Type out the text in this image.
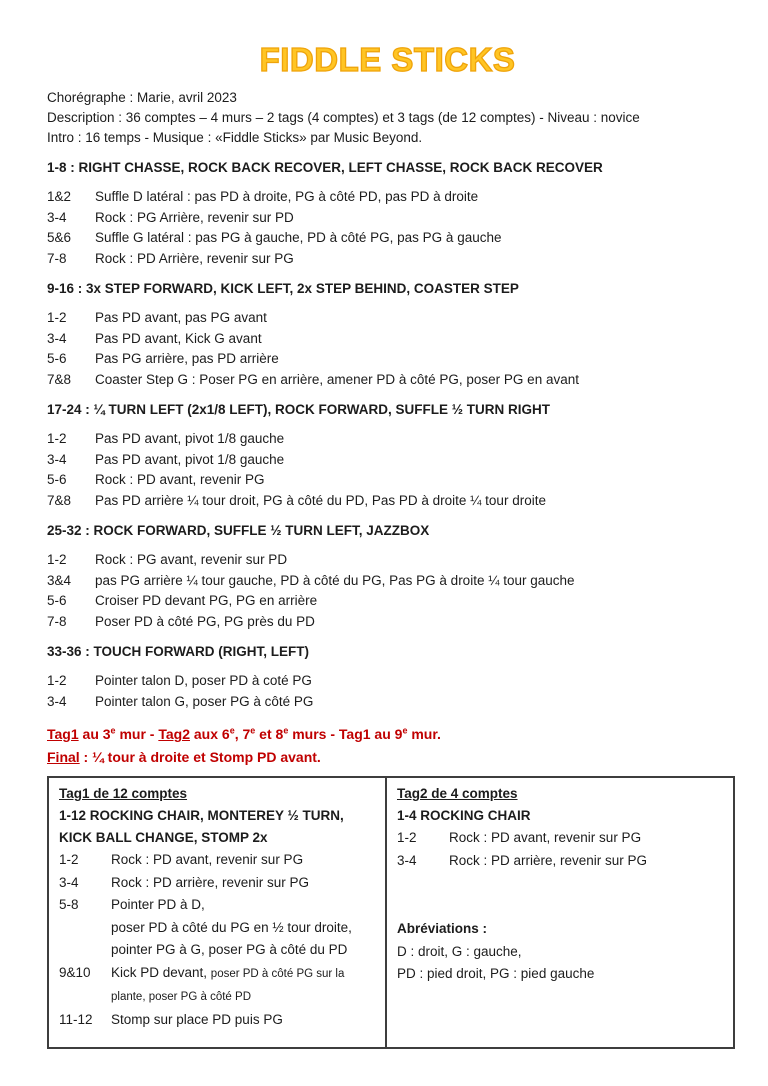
FIDDLE STICKS
Chorégraphe : Marie, avril 2023
Description : 36 comptes – 4 murs – 2 tags (4 comptes) et 3 tags (de 12 comptes) - Niveau : novice
Intro : 16 temps - Musique : «Fiddle Sticks» par Music Beyond.
1-8 : RIGHT CHASSE, ROCK BACK RECOVER, LEFT CHASSE, ROCK BACK RECOVER
1&2	Suffle D latéral : pas PD à droite, PG à côté PD, pas PD à droite
3-4	Rock : PG Arrière, revenir sur PD
5&6	Suffle G latéral : pas PG à gauche, PD à côté PG, pas PG à gauche
7-8	Rock : PD Arrière, revenir sur PG
9-16 : 3x STEP FORWARD, KICK LEFT, 2x STEP BEHIND, COASTER STEP
1-2	Pas PD avant, pas PG avant
3-4	Pas PD avant, Kick G avant
5-6	Pas PG arrière, pas PD arrière
7&8	Coaster Step G : Poser PG en arrière, amener PD à côté PG, poser PG en avant
17-24 : ¼ TURN LEFT (2x1/8 LEFT), ROCK FORWARD, SUFFLE ½ TURN RIGHT
1-2	Pas PD avant, pivot 1/8 gauche
3-4	Pas PD avant, pivot 1/8 gauche
5-6	Rock : PD avant, revenir PG
7&8	Pas PD arrière ¼ tour droit, PG à côté du PD, Pas PD à droite ¼ tour droite
25-32 : ROCK FORWARD, SUFFLE ½ TURN LEFT, JAZZBOX
1-2	Rock : PG avant, revenir sur PD
3&4	pas PG arrière ¼ tour gauche, PD à côté du PG, Pas PG à droite ¼ tour gauche
5-6	Croiser PD devant PG, PG en arrière
7-8	Poser PD à côté PG, PG près du PD
33-36 : TOUCH FORWARD (RIGHT, LEFT)
1-2	Pointer talon D, poser PD à coté PG
3-4	Pointer talon G, poser PG à côté PG
Tag1 au 3e mur - Tag2 aux 6e, 7e et 8e murs - Tag1 au 9e mur.
Final : ¼ tour à droite et Stomp PD avant.
Tag1 de 12 comptes
1-12 ROCKING CHAIR, MONTEREY ½ TURN, KICK BALL CHANGE, STOMP 2x
1-2	Rock : PD avant, revenir sur PG
3-4	Rock : PD arrière, revenir sur PG
5-8	Pointer PD à D,
poser PD à côté du PG en ½ tour droite,
pointer PG à G, poser PG à côté du PD
9&10	Kick PD devant, poser PD à côté PG sur la
plante, poser PG à côté PD
11-12	Stomp sur place PD puis PG
Tag2 de 4 comptes
1-4 ROCKING CHAIR
1-2	Rock : PD avant, revenir sur PG
3-4	Rock : PD arrière, revenir sur PG
Abréviations :
D : droit, G : gauche,
PD : pied droit, PG : pied gauche
